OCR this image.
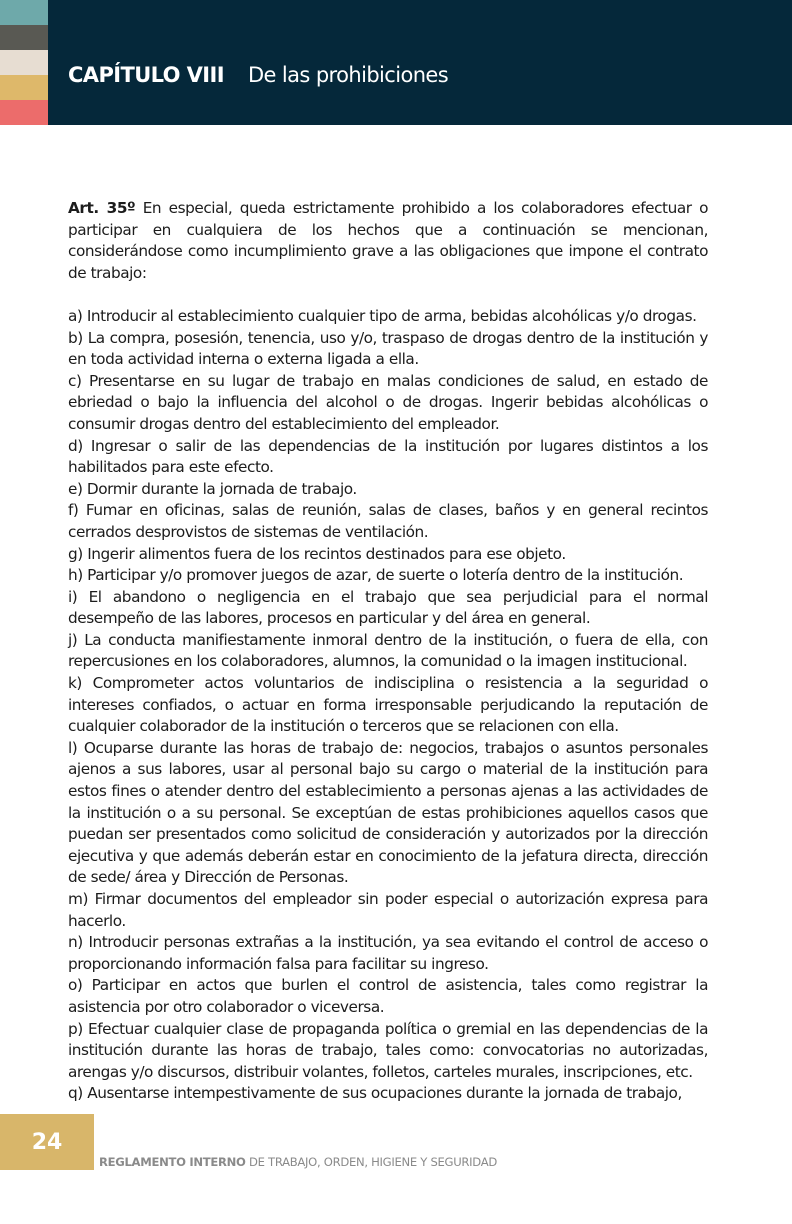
CAPÍTULO VIII De las prohibiciones

Art. 35º En especial, queda estrictamente prohibido a los colaboradores efectuar o participar en cualquiera de los hechos que a continuación se mencionan, considerándose como incumplimiento grave a las obligaciones que impone el contrato de trabajo:

a) Introducir al establecimiento cualquier tipo de arma, bebidas alcohólicas y/o drogas.

b) La compra, posesión, tenencia, uso y/o, traspaso de drogas dentro de la institución y en toda actividad interna o externa ligada a ella.

c) Presentarse en su lugar de trabajo en malas condiciones de salud, en estado de ebriedad o bajo la influencia del alcohol o de drogas. Ingerir bebidas alcohólicas o consumir drogas dentro del establecimiento del empleador.

d) Ingresar o salir de las dependencias de la institución por lugares distintos a los habilitados para este efecto.

e) Dormir durante la jornada de trabajo.

f) Fumar en oficinas, salas de reunión, salas de clases, baños y en general recintos cerrados desprovistos de sistemas de ventilación.

g) Ingerir alimentos fuera de los recintos destinados para ese objeto.

h) Participar y/o promover juegos de azar, de suerte o lotería dentro de la institución.

i) El abandono o negligencia en el trabajo que sea perjudicial para el normal desempeño de las labores, procesos en particular y del área en general.

j) La conducta manifiestamente inmoral dentro de la institución, o fuera de ella, con repercusiones en los colaboradores, alumnos, la comunidad o la imagen institucional.

k) Comprometer actos voluntarios de indisciplina o resistencia a la seguridad o intereses confiados, o actuar en forma irresponsable perjudicando la reputación de cualquier colaborador de la institución o terceros que se relacionen con ella.

l) Ocuparse durante las horas de trabajo de: negocios, trabajos o asuntos personales ajenos a sus labores, usar al personal bajo su cargo o material de la institución para estos fines o atender dentro del establecimiento a personas ajenas a las actividades de la institución o a su personal. Se exceptúan de estas prohibiciones aquellos casos que puedan ser presentados como solicitud de consideración y autorizados por la dirección ejecutiva y que además deberán estar en conocimiento de la jefatura directa, dirección de sede/ área y Dirección de Personas.

m) Firmar documentos del empleador sin poder especial o autorización expresa para hacerlo.

n) Introducir personas extrañas a la institución, ya sea evitando el control de acceso o proporcionando información falsa para facilitar su ingreso.

o) Participar en actos que burlen el control de asistencia, tales como registrar la asistencia por otro colaborador o viceversa.

p) Efectuar cualquier clase de propaganda política o gremial en las dependencias de la institución durante las horas de trabajo, tales como: convocatorias no autorizadas, arengas y/o discursos, distribuir volantes, folletos, carteles murales, inscripciones, etc.

q) Ausentarse intempestivamente de sus ocupaciones durante la jornada de trabajo,

24
REGLAMENTO INTERNO DE TRABAJO, ORDEN, HIGIENE Y SEGURIDAD
